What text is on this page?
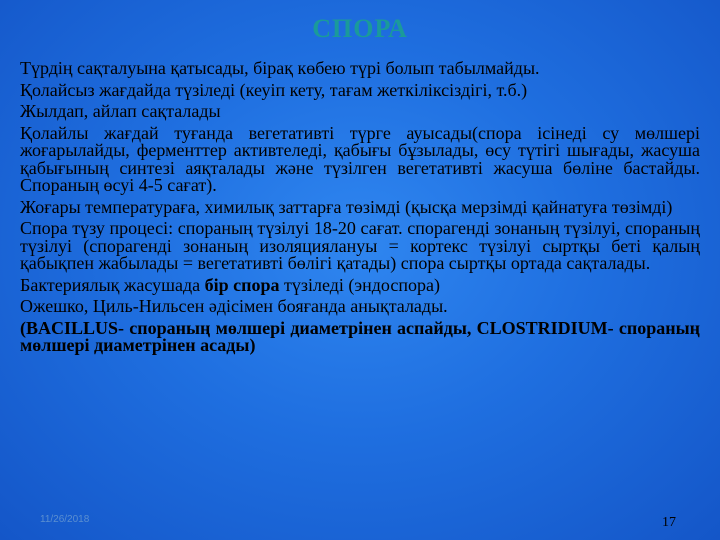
СПОРА

Түрдің сақталуына қатысады, бірақ көбею түрі болып табылмайды.

Қолайсыз жағдайда түзіледі (кеуіп кету, тағам жеткіліксіздігі, т.б.)

Жылдап, айлап сақталады

Қолайлы жағдай туғанда вегетативті түрге ауысады(спора ісінеді су мөлшері жоғарылайды, ферменттер активтеледі, қабығы бұзылады, өсу түтігі шығады, жасуша қабығының синтезі аяқталады және түзілген вегетативті жасуша бөліне бастайды. Спораның өсуі 4-5 сағат).

Жоғары температураға, химилық заттарға төзімді (қысқа мерзімді қайнатуға төзімді)

Спора түзу процесі: спораның түзілуі 18-20 сағат. спорагенді зонаның түзілуі, спораның түзілуі (спорагенді зонаның изоляциялануы = кортекс түзілуі сыртқы беті қалың қабықпен жабылады = вегетативті бөлігі қатады) спора сыртқы ортада сақталады.

Бактериялық жасушада бір спора түзіледі (эндоспора)

Ожешко, Циль-Нильсен әдісімен бояғанда анықталады.

(BACILLUS- спораның мөлшері диаметрінен аспайды, CLOSTRIDIUM- спораның мөлшері диаметрінен асады)

11/26/2018	17
